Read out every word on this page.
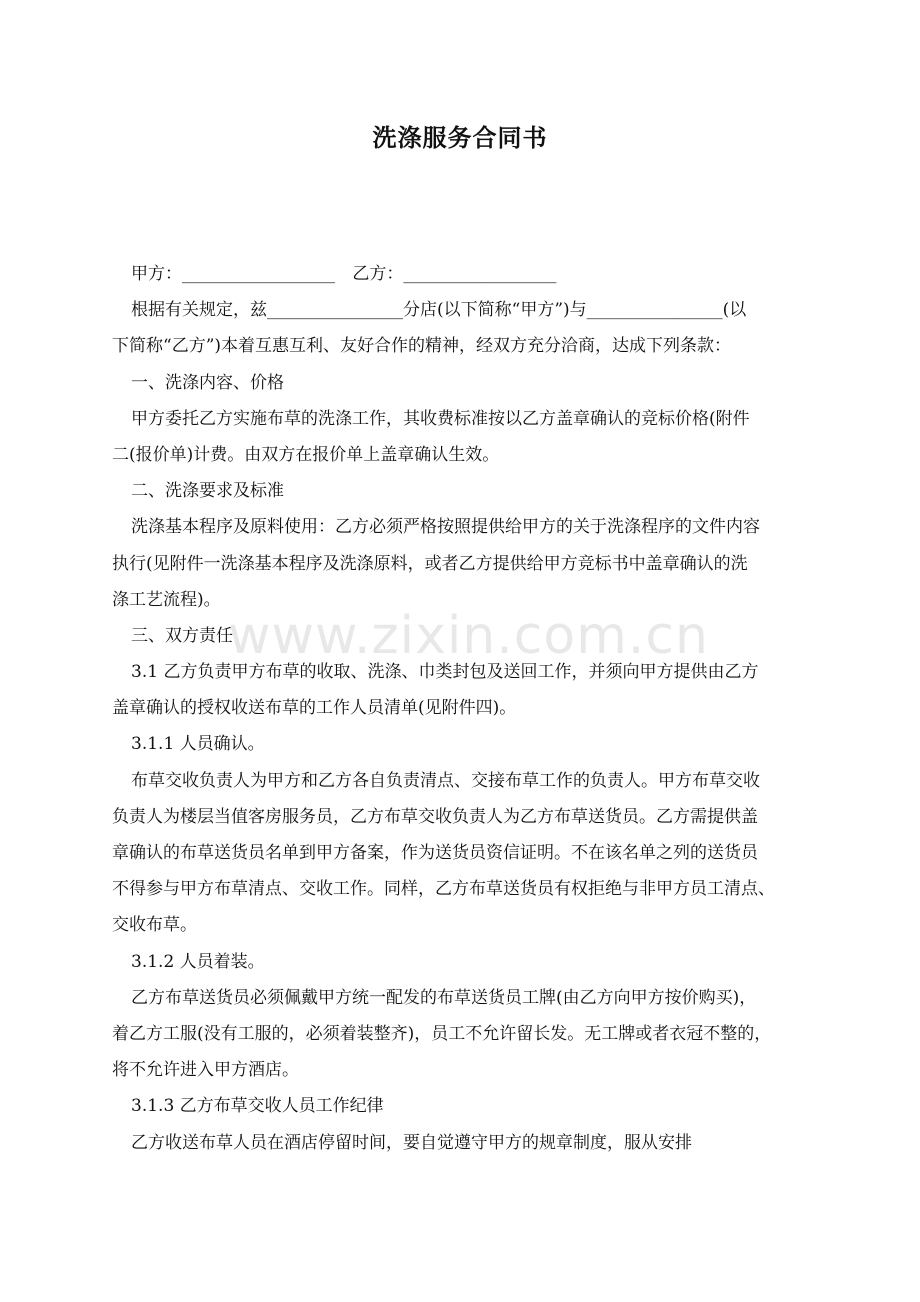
洗涤服务合同书
甲方：__________________ 乙方：__________________
根据有关规定，兹________________分店(以下简称“甲方”)与________________(以
下简称“乙方”)本着互惠互利、友好合作的精神，经双方充分洽商，达成下列条款：
一、洗涤内容、价格
甲方委托乙方实施布草的洗涤工作，其收费标准按以乙方盖章确认的竞标价格(附件
二(报价单)计费。由双方在报价单上盖章确认生效。
二、洗涤要求及标准
洗涤基本程序及原料使用：乙方必须严格按照提供给甲方的关于洗涤程序的文件内容
执行(见附件一洗涤基本程序及洗涤原料，或者乙方提供给甲方竞标书中盖章确认的洗
涤工艺流程)。
三、双方责任
3.1 乙方负责甲方布草的收取、洗涤、巾类封包及送回工作，并须向甲方提供由乙方
盖章确认的授权收送布草的工作人员清单(见附件四)。
3.1.1 人员确认。
布草交收负责人为甲方和乙方各自负责清点、交接布草工作的负责人。甲方布草交收
负责人为楼层当值客房服务员，乙方布草交收负责人为乙方布草送货员。乙方需提供盖
章确认的布草送货员名单到甲方备案，作为送货员资信证明。不在该名单之列的送货员
不得参与甲方布草清点、交收工作。同样，乙方布草送货员有权拒绝与非甲方员工清点、
交收布草。
3.1.2 人员着装。
乙方布草送货员必须佩戴甲方统一配发的布草送货员工牌(由乙方向甲方按价购买)，
着乙方工服(没有工服的，必须着装整齐)，员工不允许留长发。无工牌或者衣冠不整的，
将不允许进入甲方酒店。
3.1.3 乙方布草交收人员工作纪律
乙方收送布草人员在酒店停留时间，要自觉遵守甲方的规章制度，服从安排
www.zixin.com.cn
